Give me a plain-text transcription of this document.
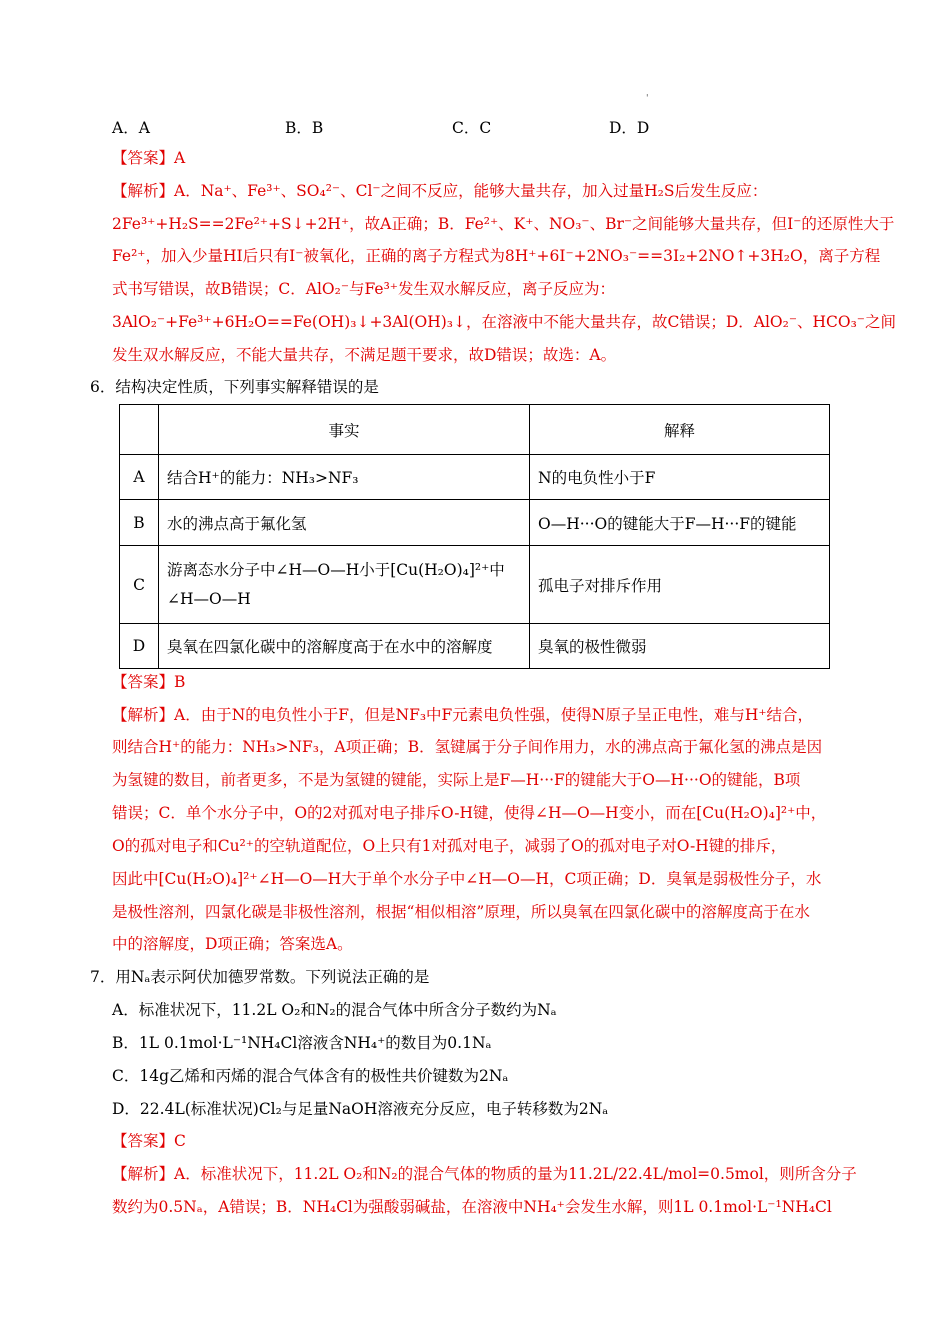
'
A．A	B．B	C．C	D．D
【答案】A
【解析】A．Na⁺、Fe³⁺、SO₄²⁻、Cl⁻之间不反应，能够大量共存，加入过量H₂S后发生反应：
2Fe³⁺+H₂S==2Fe²⁺+S↓+2H⁺，故A正确；B．Fe²⁺、K⁺、NO₃⁻、Br⁻之间能够大量共存，但I⁻的还原性大于
Fe²⁺，加入少量HI后只有I⁻被氧化，正确的离子方程式为8H⁺+6I⁻+2NO₃⁻==3I₂+2NO↑+3H₂O，离子方程
式书写错误，故B错误；C．AlO₂⁻与Fe³⁺发生双水解反应，离子反应为：
3AlO₂⁻+Fe³⁺+6H₂O==Fe(OH)₃↓+3Al(OH)₃↓，在溶液中不能大量共存，故C错误；D．AlO₂⁻、HCO₃⁻之间
发生双水解反应，不能大量共存，不满足题干要求，故D错误；故选：A。
6．结构决定性质，下列事实解释错误的是
	事实	解释
A	结合H⁺的能力：NH₃>NF₃	N的电负性小于F
B	水的沸点高于氟化氢	O—H···O的键能大于F—H···F的键能
C	游离态水分子中∠H—O—H小于[Cu(H₂O)₄]²⁺中
∠H—O—H	孤电子对排斥作用
D	臭氧在四氯化碳中的溶解度高于在水中的溶解度	臭氧的极性微弱
【答案】B
【解析】A．由于N的电负性小于F，但是NF₃中F元素电负性强，使得N原子呈正电性，难与H⁺结合，
则结合H⁺的能力：NH₃>NF₃，A项正确；B．氢键属于分子间作用力，水的沸点高于氟化氢的沸点是因
为氢键的数目，前者更多，不是为氢键的键能，实际上是F—H···F的键能大于O—H···O的键能，B项
错误；C．单个水分子中，O的2对孤对电子排斥O-H键，使得∠H—O—H变小，而在[Cu(H₂O)₄]²⁺中，
O的孤对电子和Cu²⁺的空轨道配位，O上只有1对孤对电子，减弱了O的孤对电子对O-H键的排斥，
因此中[Cu(H₂O)₄]²⁺∠H—O—H大于单个水分子中∠H—O—H，C项正确；D．臭氧是弱极性分子，水
是极性溶剂，四氯化碳是非极性溶剂，根据“相似相溶”原理，所以臭氧在四氯化碳中的溶解度高于在水
中的溶解度，D项正确；答案选A。
7．用Nₐ表示阿伏加德罗常数。下列说法正确的是
A．标准状况下，11.2L O₂和N₂的混合气体中所含分子数约为Nₐ
B．1L 0.1mol·L⁻¹NH₄Cl溶液含NH₄⁺的数目为0.1Nₐ
C．14g乙烯和丙烯的混合气体含有的极性共价键数为2Nₐ
D．22.4L(标准状况)Cl₂与足量NaOH溶液充分反应，电子转移数为2Nₐ
【答案】C
【解析】A．标准状况下，11.2L O₂和N₂的混合气体的物质的量为11.2L/22.4L/mol=0.5mol，则所含分子
数约为0.5Nₐ，A错误；B．NH₄Cl为强酸弱碱盐，在溶液中NH₄⁺会发生水解，则1L 0.1mol·L⁻¹NH₄Cl
